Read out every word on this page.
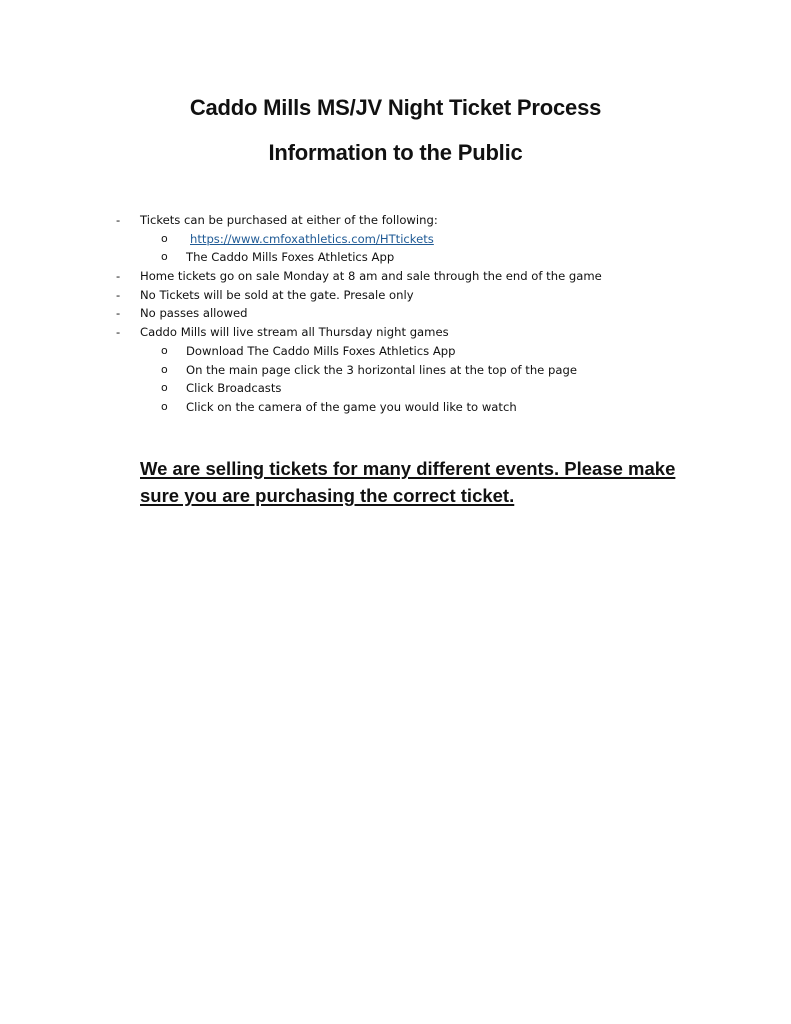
Caddo Mills MS/JV Night Ticket Process
Information to the Public
- Tickets can be purchased at either of the following:
o https://www.cmfoxathletics.com/HTtickets
o The Caddo Mills Foxes Athletics App
- Home tickets go on sale Monday at 8 am and sale through the end of the game
- No Tickets will be sold at the gate. Presale only
- No passes allowed
- Caddo Mills will live stream all Thursday night games
o Download The Caddo Mills Foxes Athletics App
o On the main page click the 3 horizontal lines at the top of the page
o Click Broadcasts
o Click on the camera of the game you would like to watch

We are selling tickets for many different events. Please make sure you are purchasing the correct ticket.
